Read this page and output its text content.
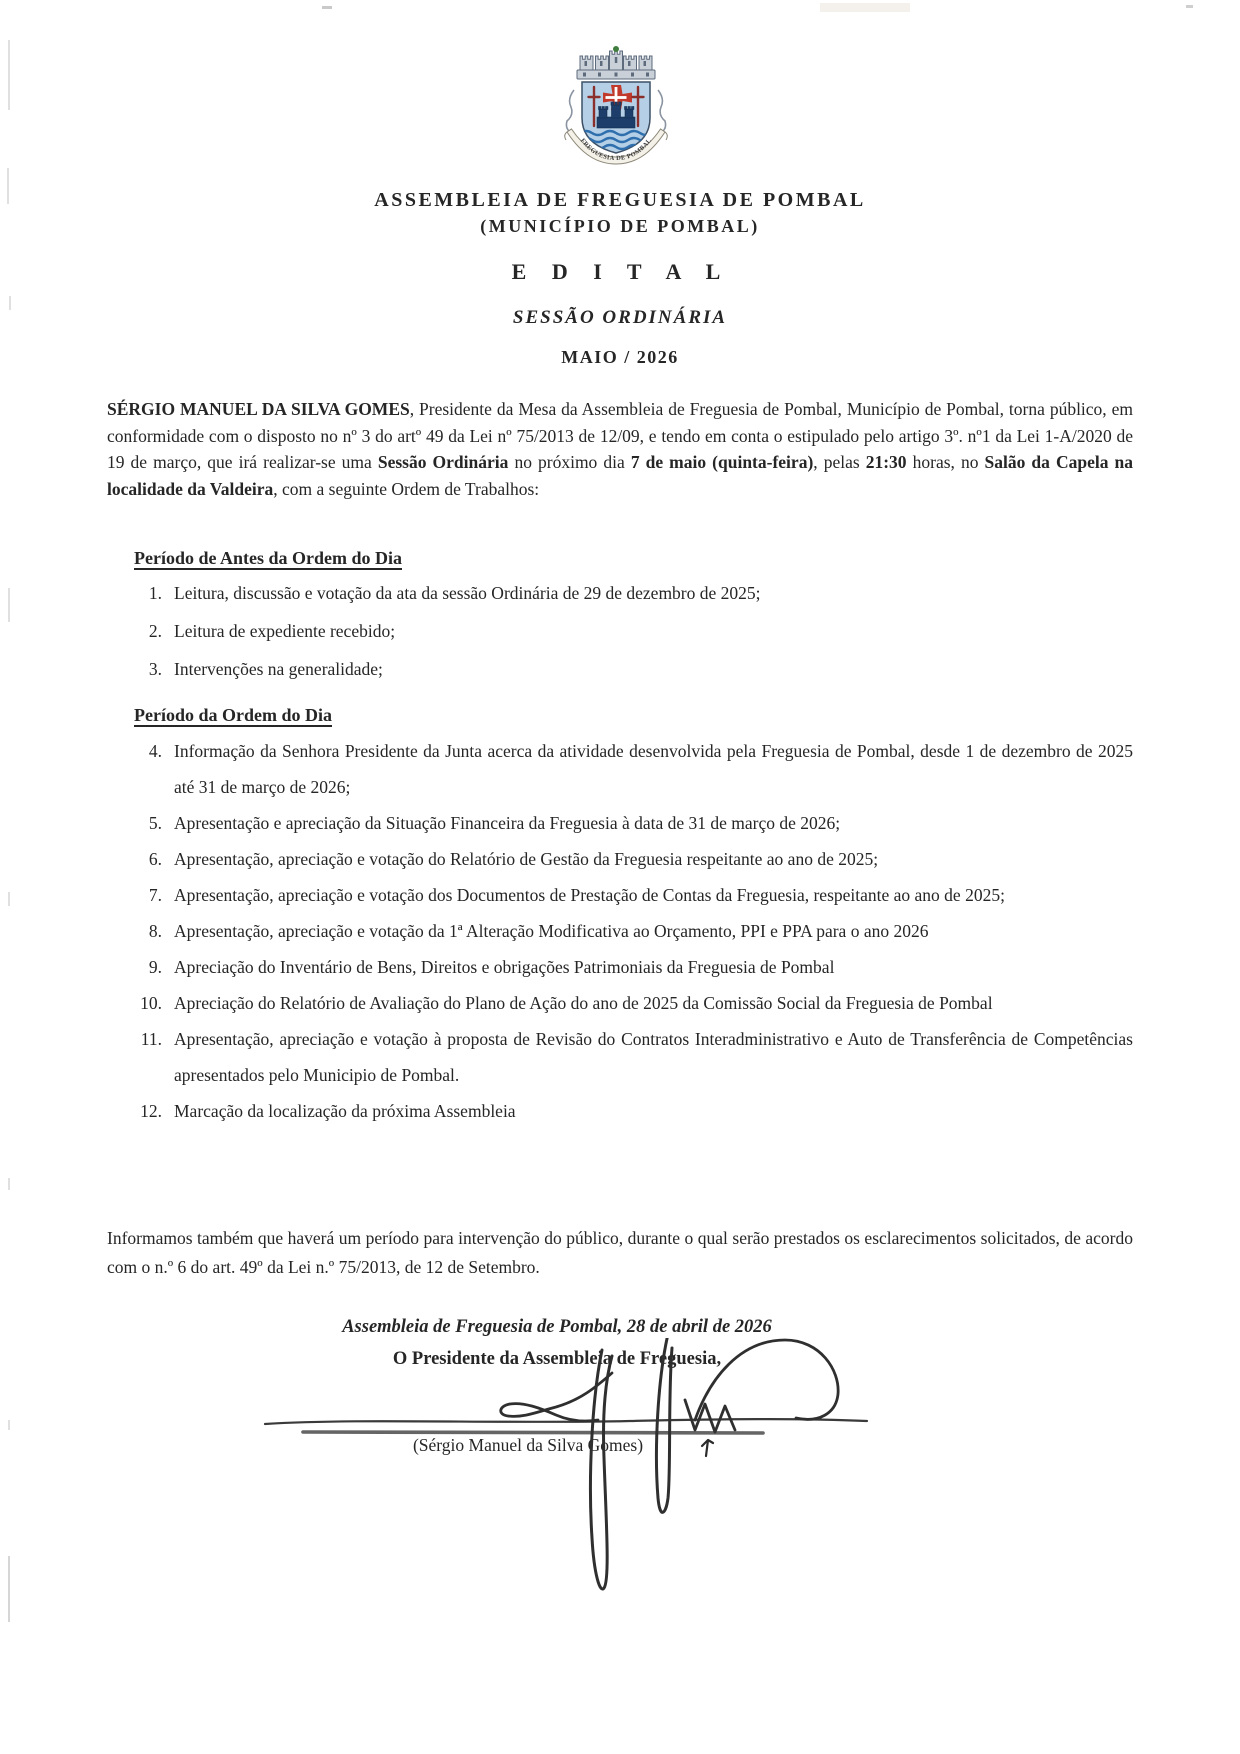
FREGUESIA DE POMBAL
ASSEMBLEIA DE FREGUESIA DE POMBAL
(MUNICÍPIO DE POMBAL)
E D I T A L
SESSÃO ORDINÁRIA
MAIO / 2026

SÉRGIO MANUEL DA SILVA GOMES, Presidente da Mesa da Assembleia de Freguesia de Pombal, Município de Pombal, torna público, em conformidade com o disposto no nº 3 do artº 49 da Lei nº 75/2013 de 12/09, e tendo em conta o estipulado pelo artigo 3º. nº1 da Lei 1-A/2020 de 19 de março, que irá realizar-se uma Sessão Ordinária no próximo dia 7 de maio (quinta-feira), pelas 21:30 horas, no Salão da Capela na localidade da Valdeira, com a seguinte Ordem de Trabalhos:

Período de Antes da Ordem do Dia
1. Leitura, discussão e votação da ata da sessão Ordinária de 29 de dezembro de 2025;
2. Leitura de expediente recebido;
3. Intervenções na generalidade;
Período da Ordem do Dia
4. Informação da Senhora Presidente da Junta acerca da atividade desenvolvida pela Freguesia de Pombal, desde 1 de dezembro de 2025 até 31 de março de 2026;
5. Apresentação e apreciação da Situação Financeira da Freguesia à data de 31 de março de 2026;
6. Apresentação, apreciação e votação do Relatório de Gestão da Freguesia respeitante ao ano de 2025;
7. Apresentação, apreciação e votação dos Documentos de Prestação de Contas da Freguesia, respeitante ao ano de 2025;
8. Apresentação, apreciação e votação da 1ª Alteração Modificativa ao Orçamento, PPI e PPA para o ano 2026
9. Apreciação do Inventário de Bens, Direitos e obrigações Patrimoniais da Freguesia de Pombal
10. Apreciação do Relatório de Avaliação do Plano de Ação do ano de 2025 da Comissão Social da Freguesia de Pombal
11. Apresentação, apreciação e votação à proposta de Revisão do Contratos Interadministrativo e Auto de Transferência de Competências apresentados pelo Municipio de Pombal.
12. Marcação da localização da próxima Assembleia

Informamos também que haverá um período para intervenção do público, durante o qual serão prestados os esclarecimentos solicitados, de acordo com o n.º 6 do art. 49º da Lei n.º 75/2013, de 12 de Setembro.

Assembleia de Freguesia de Pombal, 28 de abril de 2026
O Presidente da Assembleia de Freguesia,
(Sérgio Manuel da Silva Gomes)
